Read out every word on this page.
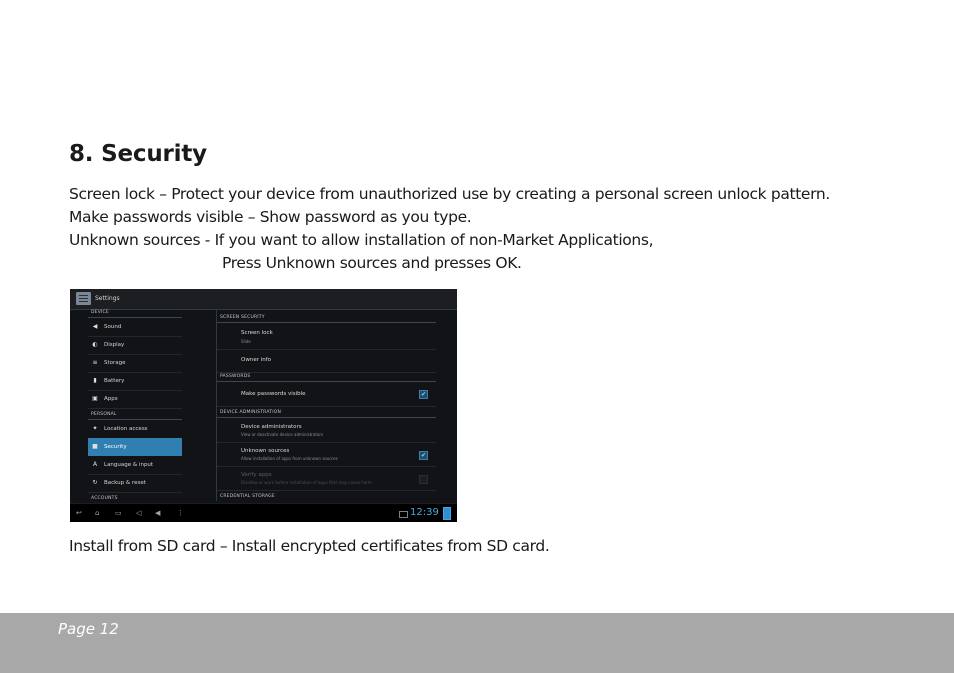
8. Security
Screen lock – Protect your device from unauthorized use by creating a personal screen unlock pattern.
Make passwords visible – Show password as you type.
Unknown sources - If you want to allow installation of non-Market Applications,
Press Unknown sources and presses OK.
Settings
DEVICE
◀ Sound
◐ Display
≡ Storage
▮ Battery
▣ Apps
PERSONAL
✦ Location access
■ Security
A Language & input
↻ Backup & reset
ACCOUNTS
SCREEN SECURITY
Screen lock
Slide
Owner info
PASSWORDS
Make passwords visible	✔
DEVICE ADMINISTRATION
Device administrators
View or deactivate device administrators
Unknown sources
Allow installation of apps from unknown sources	✔
Verify apps
Disallow or warn before installation of apps that may cause harm
CREDENTIAL STORAGE
↩ ⌂ ▭ ◁ ◀ ⋮	12:39
Install from SD card – Install encrypted certificates from SD card.
Page 12
